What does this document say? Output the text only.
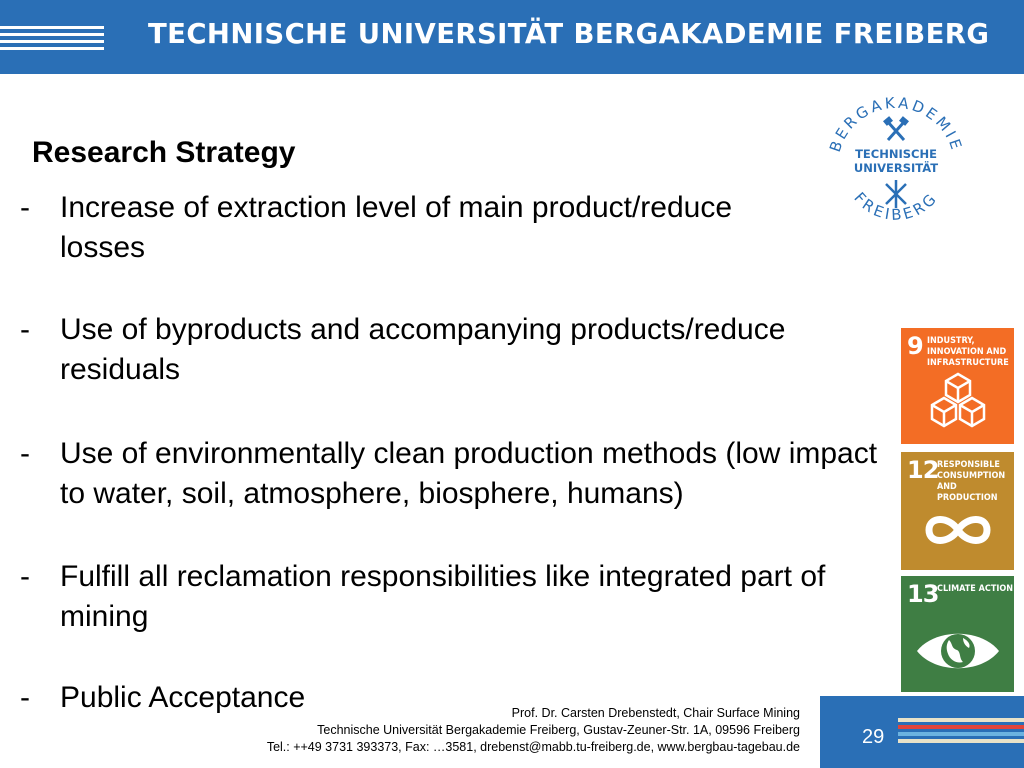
TECHNISCHE UNIVERSITÄT BERGAKADEMIE FREIBERG
BERGAKADEMIE
FREIBERG
TECHNISCHE
UNIVERSITÄT
Research Strategy
- Increase of extraction level of main product/reduce losses
- Use of byproducts and accompanying products/reduce residuals
- Use of environmentally clean production methods (low impact to water, soil, atmosphere, biosphere, humans)
- Fulfill all reclamation responsibilities like integrated part of mining
- Public Acceptance
9 INDUSTRY, INNOVATION AND INFRASTRUCTURE
12
RESPONSIBLE CONSUMPTION AND PRODUCTION
13
CLIMATE ACTION
Prof. Dr. Carsten Drebenstedt, Chair Surface Mining
Technische Universität Bergakademie Freiberg, Gustav-Zeuner-Str. 1A, 09596 Freiberg
Tel.: ++49 3731 393373, Fax: …3581, drebenst@mabb.tu-freiberg.de, www.bergbau-tagebau.de	29
